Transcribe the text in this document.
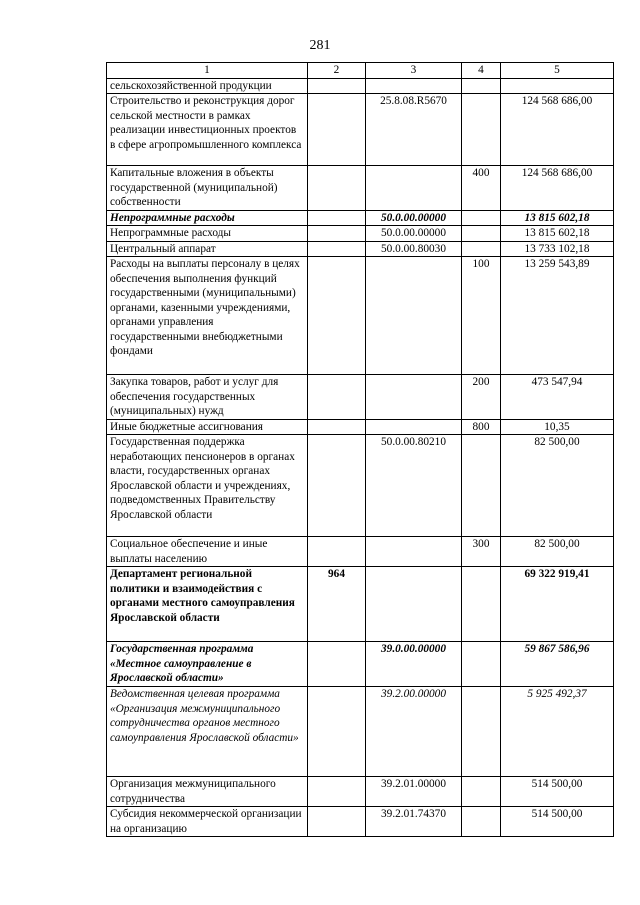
281
1	2	3	4	5
сельскохозяйственной продукции				
Строительство и реконструкция дорог сельской местности в рамках реализации инвестиционных проектов в сфере агропромышленного комплекса		25.8.08.R5670		124 568 686,00
Капитальные вложения в объекты государственной (муниципальной) собственности			400	124 568 686,00
Непрограммные расходы		50.0.00.00000		13 815 602,18
Непрограммные расходы		50.0.00.00000		13 815 602,18
Центральный аппарат		50.0.00.80030		13 733 102,18
Расходы на выплаты персоналу в целях обеспечения выполнения функций государственными (муниципальными) органами, казенными учреждениями, органами управления государственными внебюджетными фондами			100	13 259 543,89
Закупка товаров, работ и услуг для обеспечения государственных (муниципальных) нужд			200	473 547,94
Иные бюджетные ассигнования			800	10,35
Государственная поддержка неработающих пенсионеров в органах власти, государственных органах Ярославской области и учреждениях, подведомственных Правительству Ярославской области		50.0.00.80210		82 500,00
Социальное обеспечение и иные выплаты населению			300	82 500,00
Департамент региональной политики и взаимодействия с органами местного самоуправления Ярославской области	964			69 322 919,41
Государственная программа «Местное самоуправление в Ярославской области»		39.0.00.00000		59 867 586,96
Ведомственная целевая программа «Организация межмуниципального сотрудничества органов местного самоуправления Ярославской области»		39.2.00.00000		5 925 492,37
Организация межмуниципального сотрудничества		39.2.01.00000		514 500,00
Субсидия некоммерческой организации на организацию		39.2.01.74370		514 500,00
